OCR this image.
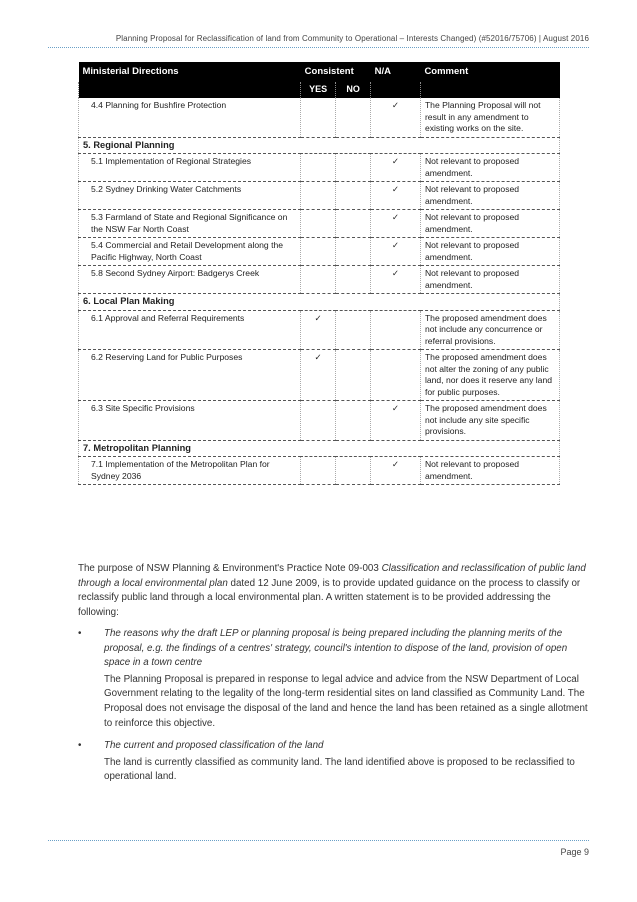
Planning Proposal for Reclassification of land from Community to Operational – Interests Changed) (#52016/75706) | August 2016
Ministerial Directions	Consistent		N/A	Comment
	YES	NO		
4.4 Planning for Bushfire Protection			✓	The Planning Proposal will not result in any amendment to existing works on the site.
5. Regional Planning				
5.1 Implementation of Regional Strategies			✓	Not relevant to proposed amendment.
5.2 Sydney Drinking Water Catchments			✓	Not relevant to proposed amendment.
5.3 Farmland of State and Regional Significance on the NSW Far North Coast			✓	Not relevant to proposed amendment.
5.4 Commercial and Retail Development along the Pacific Highway, North Coast			✓	Not relevant to proposed amendment.
5.8 Second Sydney Airport: Badgerys Creek			✓	Not relevant to proposed amendment.
6. Local Plan Making				
6.1 Approval and Referral Requirements	✓			The proposed amendment does not include any concurrence or referral provisions.
6.2 Reserving Land for Public Purposes	✓			The proposed amendment does not alter the zoning of any public land, nor does it reserve any land for public purposes.
6.3 Site Specific Provisions			✓	The proposed amendment does not include any site specific provisions.
7. Metropolitan Planning				
7.1 Implementation of the Metropolitan Plan for Sydney 2036			✓	Not relevant to proposed amendment.
The purpose of NSW Planning & Environment's Practice Note 09-003 Classification and reclassification of public land through a local environmental plan dated 12 June 2009, is to provide updated guidance on the process to classify or reclassify public land through a local environmental plan. A written statement is to be provided addressing the following:
• The reasons why the draft LEP or planning proposal is being prepared including the planning merits of the proposal, e.g. the findings of a centres' strategy, council's intention to dispose of the land, provision of open space in a town centre
The Planning Proposal is prepared in response to legal advice and advice from the NSW Department of Local Government relating to the legality of the long-term residential sites on land classified as Community Land. The Proposal does not envisage the disposal of the land and hence the land has been retained as a single allotment to reinforce this objective.
• The current and proposed classification of the land
The land is currently classified as community land. The land identified above is proposed to be reclassified to operational land.
Page 9
